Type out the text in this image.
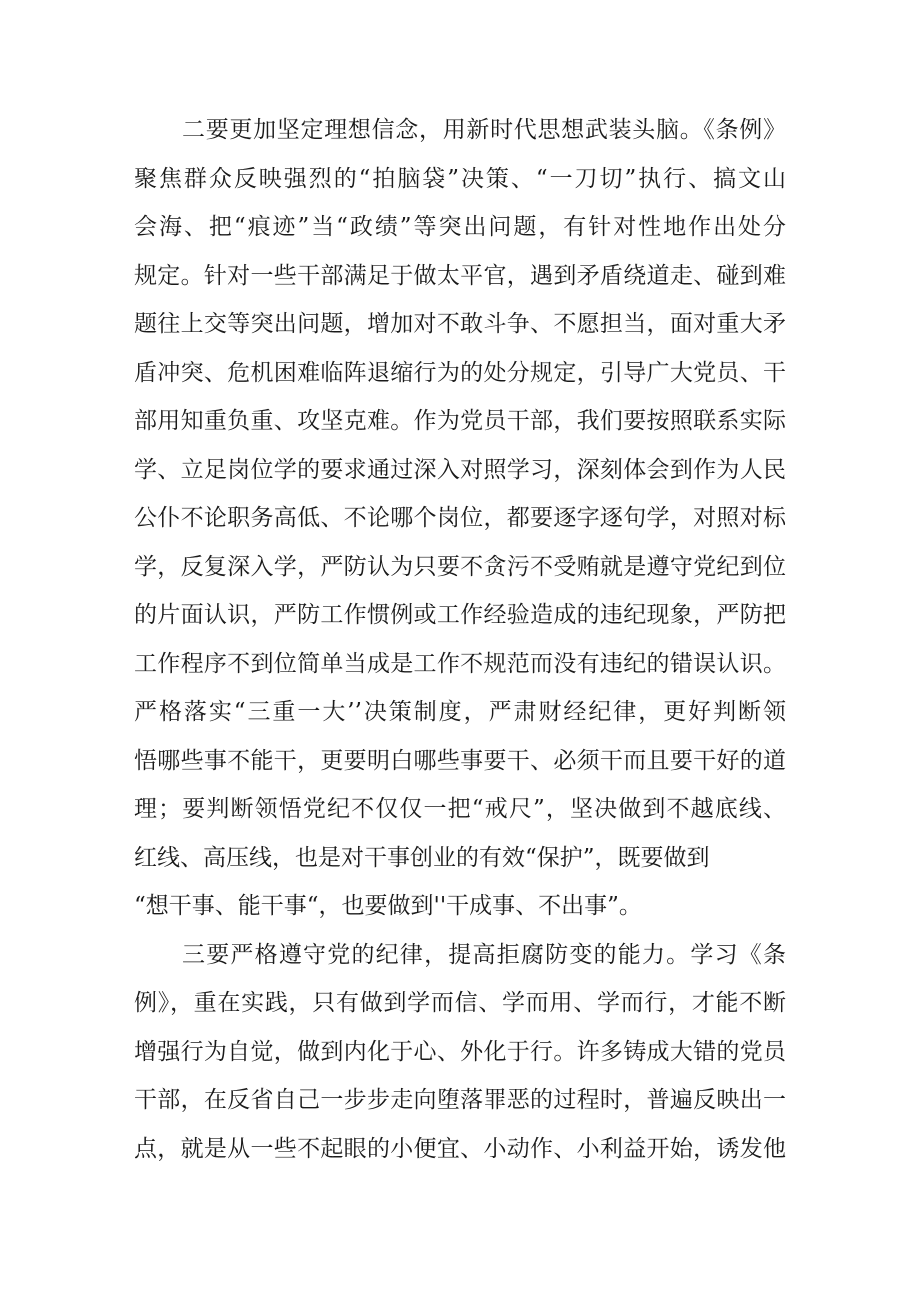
二要更加坚定理想信念，用新时代思想武装头脑。《条例》
聚焦群众反映强烈的“拍脑袋”决策、“一刀切”执行、搞文山
会海、把“痕迹”当“政绩”等突出问题，有针对性地作出处分
规定。针对一些干部满足于做太平官，遇到矛盾绕道走、碰到难
题往上交等突出问题，增加对不敢斗争、不愿担当，面对重大矛
盾冲突、危机困难临阵退缩行为的处分规定，引导广大党员、干
部用知重负重、攻坚克难。作为党员干部，我们要按照联系实际
学、立足岗位学的要求通过深入对照学习，深刻体会到作为人民
公仆不论职务高低、不论哪个岗位，都要逐字逐句学，对照对标
学，反复深入学，严防认为只要不贪污不受贿就是遵守党纪到位
的片面认识，严防工作惯例或工作经验造成的违纪现象，严防把
工作程序不到位简单当成是工作不规范而没有违纪的错误认识。
严格落实“三重一大’’决策制度，严肃财经纪律，更好判断领
悟哪些事不能干，更要明白哪些事要干、必须干而且要干好的道
理；要判断领悟党纪不仅仅一把“戒尺”，坚决做到不越底线、
红线、高压线，也是对干事创业的有效“保护”，既要做到
“想干事、能干事“，也要做到''干成事、不出事”。
三要严格遵守党的纪律，提高拒腐防变的能力。学习《条
例》，重在实践，只有做到学而信、学而用、学而行，才能不断
增强行为自觉，做到内化于心、外化于行。许多铸成大错的党员
干部，在反省自己一步步走向堕落罪恶的过程时，普遍反映出一
点，就是从一些不起眼的小便宜、小动作、小利益开始，诱发他
